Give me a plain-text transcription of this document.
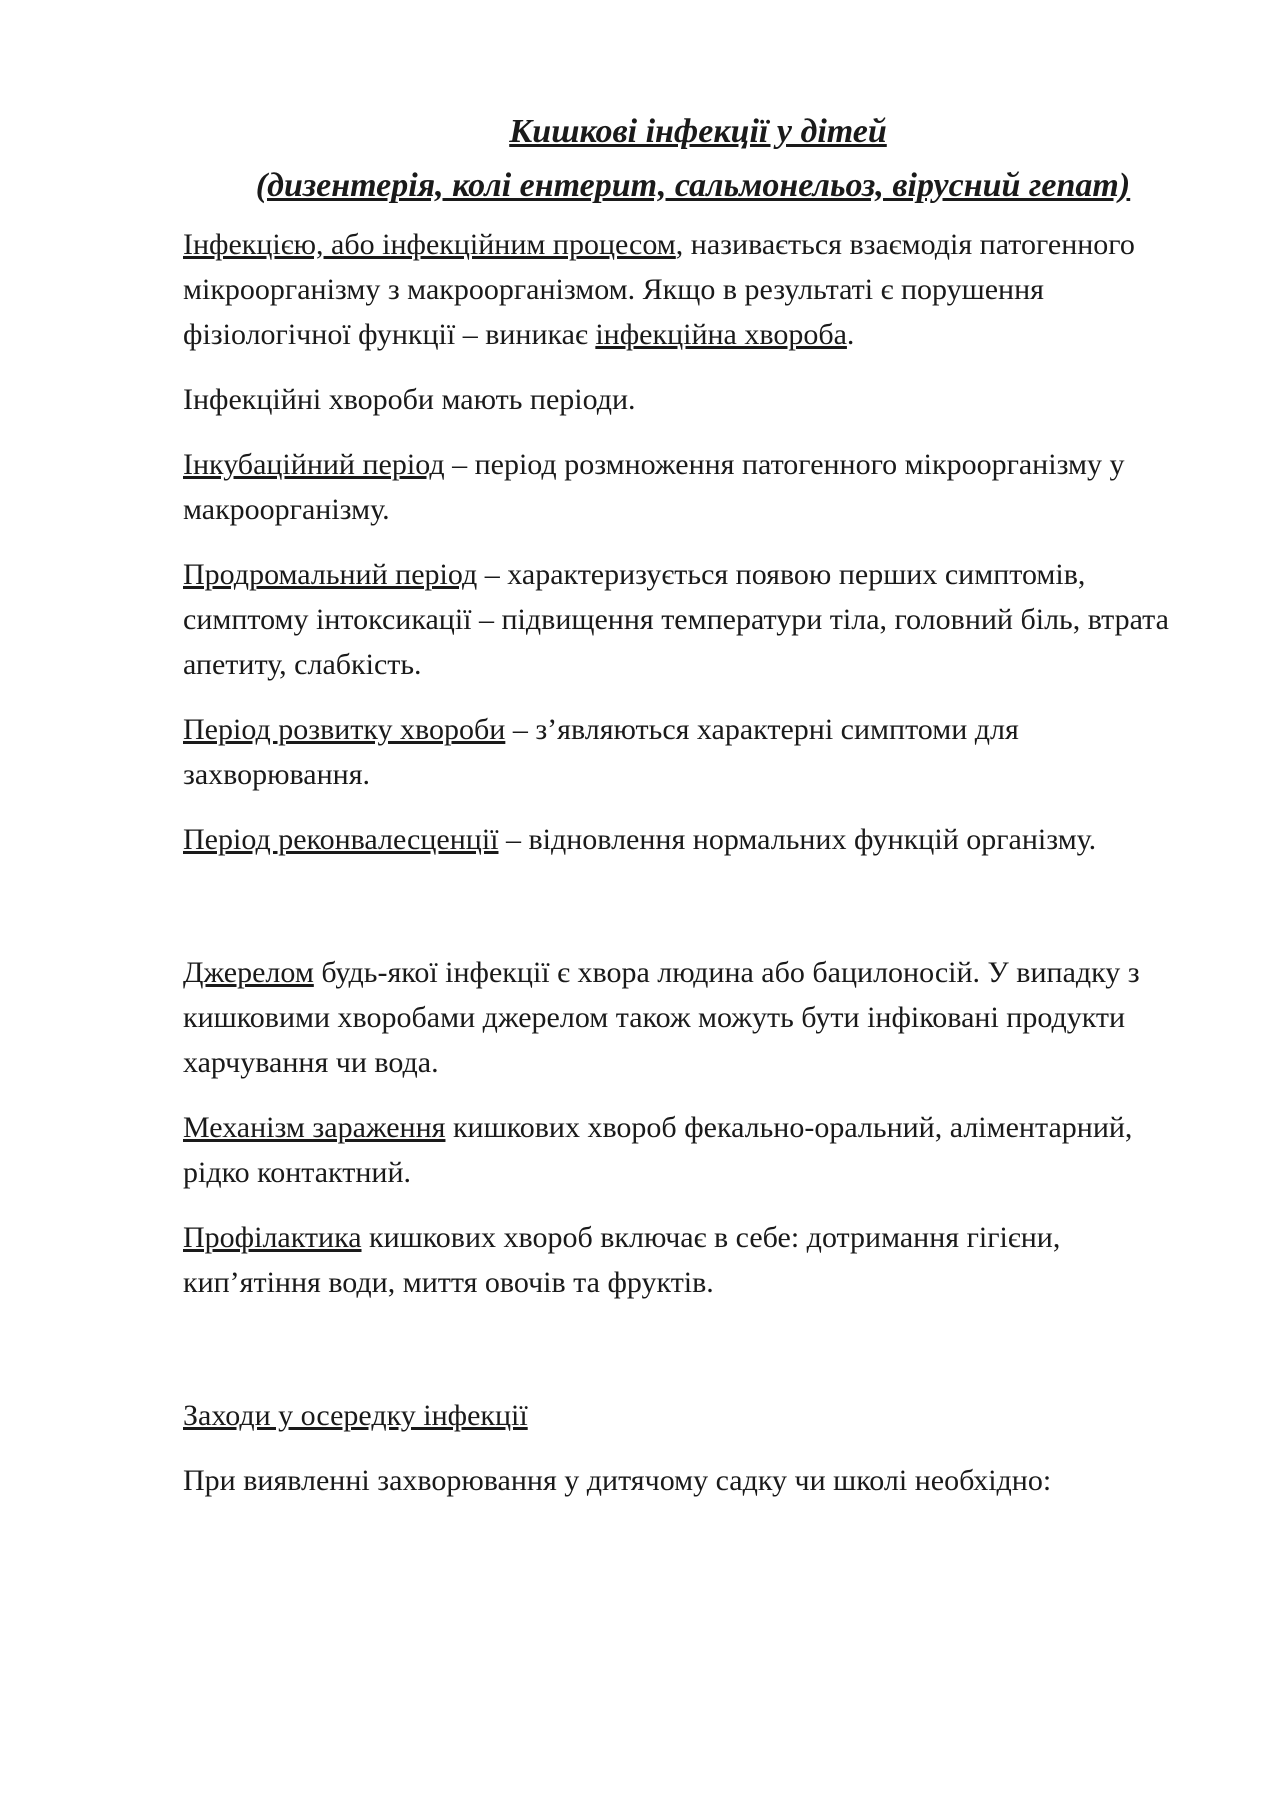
Кишкові інфекції у дітей
(дизентерія, колі ентерит, сальмонельоз, вірусний гепат)

Інфекцією, або інфекційним процесом, називається взаємодія патогенного мікроорганізму з макроорганізмом. Якщо в результаті є порушення фізіологічної функції – виникає інфекційна хвороба.

Інфекційні хвороби мають періоди.

Інкубаційний період – період розмноження патогенного мікроорганізму у макроорганізму.

Продромальний період – характеризується появою перших симптомів, симптому інтоксикації – підвищення температури тіла, головний біль, втрата апетиту, слабкість.

Період розвитку хвороби – з’являються характерні симптоми для захворювання.

Період реконвалесценції – відновлення нормальних функцій організму.

Джерелом будь-якої інфекції є хвора людина або бацилоносій. У випадку з кишковими хворобами джерелом також можуть бути інфіковані продукти харчування чи вода.

Механізм зараження кишкових хвороб фекально-оральний, аліментарний, рідко контактний.

Профілактика кишкових хвороб включає в себе: дотримання гігієни, кип’ятіння води, миття овочів та фруктів.

Заходи у осередку інфекції

При виявленні захворювання у дитячому садку чи школі необхідно:
